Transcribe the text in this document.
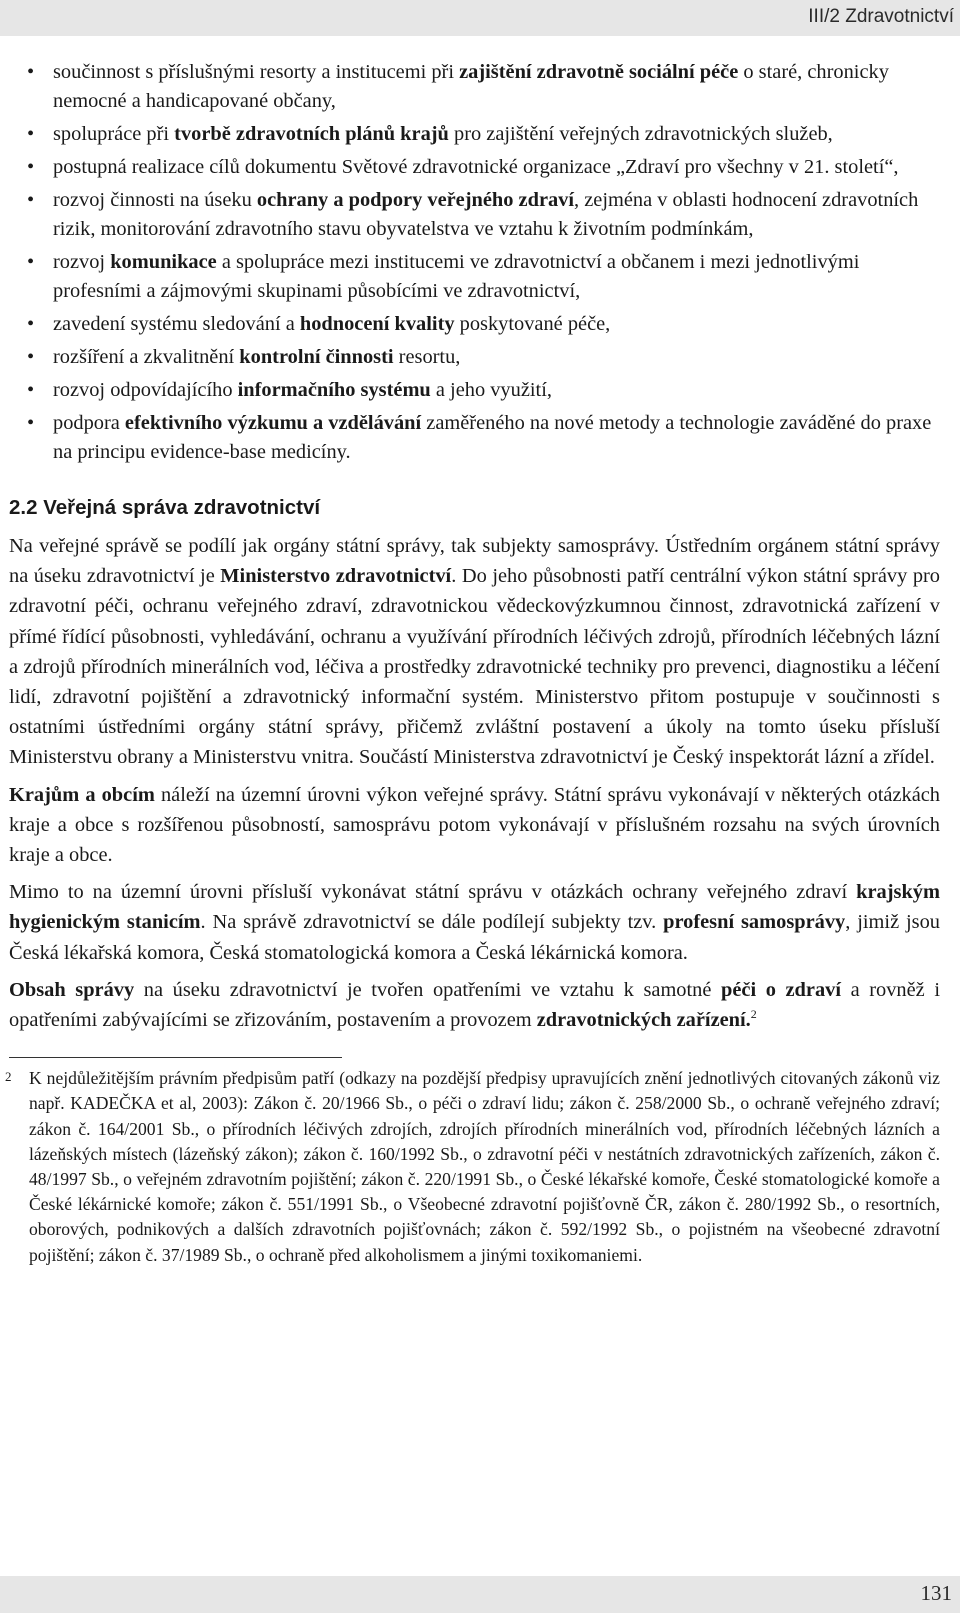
III/2 Zdravotnictví
• součinnost s příslušnými resorty a institucemi při zajištění zdravotně sociální péče o staré, chronicky nemocné a handicapované občany,
• spolupráce při tvorbě zdravotních plánů krajů pro zajištění veřejných zdravotnických služeb,
• postupná realizace cílů dokumentu Světové zdravotnické organizace „Zdraví pro všechny v 21. století“,
• rozvoj činnosti na úseku ochrany a podpory veřejného zdraví, zejména v oblasti hodnocení zdravotních rizik, monitorování zdravotního stavu obyvatelstva ve vztahu k životním podmínkám,
• rozvoj komunikace a spolupráce mezi institucemi ve zdravotnictví a občanem i mezi jednotlivými profesními a zájmovými skupinami působícími ve zdravotnictví,
• zavedení systému sledování a hodnocení kvality poskytované péče,
• rozšíření a zkvalitnění kontrolní činnosti resortu,
• rozvoj odpovídajícího informačního systému a jeho využití,
• podpora efektivního výzkumu a vzdělávání zaměřeného na nové metody a technologie zaváděné do praxe na principu evidence-base medicíny.
2.2 Veřejná správa zdravotnictví

Na veřejné správě se podílí jak orgány státní správy, tak subjekty samosprávy. Ústředním orgánem státní správy na úseku zdravotnictví je Ministerstvo zdravotnictví. Do jeho působnosti patří centrální výkon státní správy pro zdravotní péči, ochranu veřejného zdraví, zdravotnickou vědeckovýzkumnou činnost, zdravotnická zařízení v přímé řídící působnosti, vyhledávání, ochranu a využívání přírodních léčivých zdrojů, přírodních léčebných lázní a zdrojů přírodních minerálních vod, léčiva a prostředky zdravotnické techniky pro prevenci, diagnostiku a léčení lidí, zdravotní pojištění a zdravotnický informační systém. Ministerstvo přitom postupuje v součinnosti s ostatními ústředními orgány státní správy, přičemž zvláštní postavení a úkoly na tomto úseku přísluší Ministerstvu obrany a Ministerstvu vnitra. Součástí Ministerstva zdravotnictví je Český inspektorát lázní a zřídel.

Krajům a obcím náleží na územní úrovni výkon veřejné správy. Státní správu vykonávají v některých otázkách kraje a obce s rozšířenou působností, samosprávu potom vykonávají v příslušném rozsahu na svých úrovních kraje a obce.

Mimo to na územní úrovni přísluší vykonávat státní správu v otázkách ochrany veřejného zdraví krajským hygienickým stanicím. Na správě zdravotnictví se dále podílejí subjekty tzv. profesní samosprávy, jimiž jsou Česká lékařská komora, Česká stomatologická komora a Česká lékárnická komora.

Obsah správy na úseku zdravotnictví je tvořen opatřeními ve vztahu k samotné péči o zdraví a rovněž i opatřeními zabývajícími se zřizováním, postavením a provozem zdravotnických zařízení.$^2$

2 K nejdůležitějším právním předpisům patří (odkazy na pozdější předpisy upravujících znění jednotlivých citovaných zákonů viz např. KADEČKA et al, 2003): Zákon č. 20/1966 Sb., o péči o zdraví lidu; zákon č. 258/2000 Sb., o ochraně veřejného zdraví; zákon č. 164/2001 Sb., o přírodních léčivých zdrojích, zdrojích přírodních minerálních vod, přírodních léčebných lázních a lázeňských místech (lázeňský zákon); zákon č. 160/1992 Sb., o zdravotní péči v nestátních zdravotnických zařízeních, zákon č. 48/1997 Sb., o veřejném zdravotním pojištění; zákon č. 220/1991 Sb., o České lékařské komoře, České stomatologické komoře a České lékárnické komoře; zákon č. 551/1991 Sb., o Všeobecné zdravotní pojišťovně ČR, zákon č. 280/1992 Sb., o resortních, oborových, podnikových a dalších zdravotních pojišťovnách; zákon č. 592/1992 Sb., o pojistném na všeobecné zdravotní pojištění; zákon č. 37/1989 Sb., o ochraně před alkoholismem a jinými toxikomaniemi.
131
